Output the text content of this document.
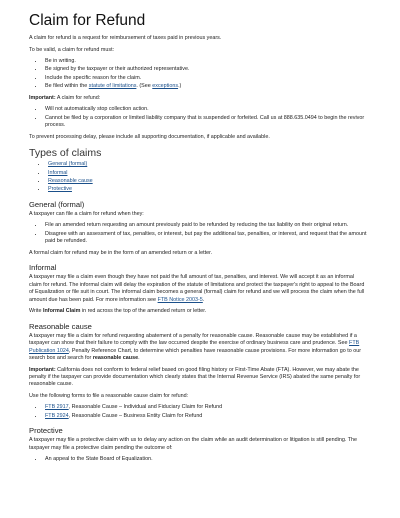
Claim for Refund

A claim for refund is a request for reimbursement of taxes paid in previous years.

To be valid, a claim for refund must:

• Be in writing.
• Be signed by the taxpayer or their authorized representative.
• Include the specific reason for the claim.
• Be filed within the statute of limitations. (See exceptions.)

Important: A claim for refund:

• Will not automatically stop collection action.
• Cannot be filed by a corporation or limited liability company that is suspended or forfeited. Call us at 888.635.0494 to begin the revivor process.

To prevent processing delay, please include all supporting documentation, if applicable and available.

Types of claims
• General (formal)
• Informal
• Reasonable cause
• Protective
General (formal)

A taxpayer can file a claim for refund when they:

• File an amended return requesting an amount previously paid to be refunded by reducing the tax liability on their original return.
• Disagree with an assessment of tax, penalties, or interest, but pay the additional tax, penalties, or interest, and request that the amount paid be refunded.

A formal claim for refund may be in the form of an amended return or a letter.

Informal

A taxpayer may file a claim even though they have not paid the full amount of tax, penalties, and interest. We will accept it as an informal claim for refund. The informal claim will delay the expiration of the statute of limitations and protect the taxpayer's right to appeal to the Board of Equalization or file suit in court. The informal claim becomes a general (formal) claim for refund and we will process the claim when the full amount due has been paid. For more information see FTB Notice 2003-5.

Write Informal Claim in red across the top of the amended return or letter.

Reasonable cause

A taxpayer may file a claim for refund requesting abatement of a penalty for reasonable cause. Reasonable cause may be established if a taxpayer can show that their failure to comply with the law occurred despite the exercise of ordinary business care and prudence. See FTB Publication 1024, Penalty Reference Chart, to determine which penalties have reasonable cause provisions. For more information go to our search box and search for reasonable cause.

Important: California does not conform to federal relief based on good filing history or First-Time Abate (FTA). However, we may abate the penalty if the taxpayer can provide documentation which clearly states that the Internal Revenue Service (IRS) abated the same penalty for reasonable cause.

Use the following forms to file a reasonable cause claim for refund:

• FTB 2917, Reasonable Cause – Individual and Fiduciary Claim for Refund
• FTB 2924, Reasonable Cause – Business Entity Claim for Refund
Protective

A taxpayer may file a protective claim with us to delay any action on the claim while an audit determination or litigation is still pending. The taxpayer may file a protective claim pending the outcome of:

• An appeal to the State Board of Equalization.
